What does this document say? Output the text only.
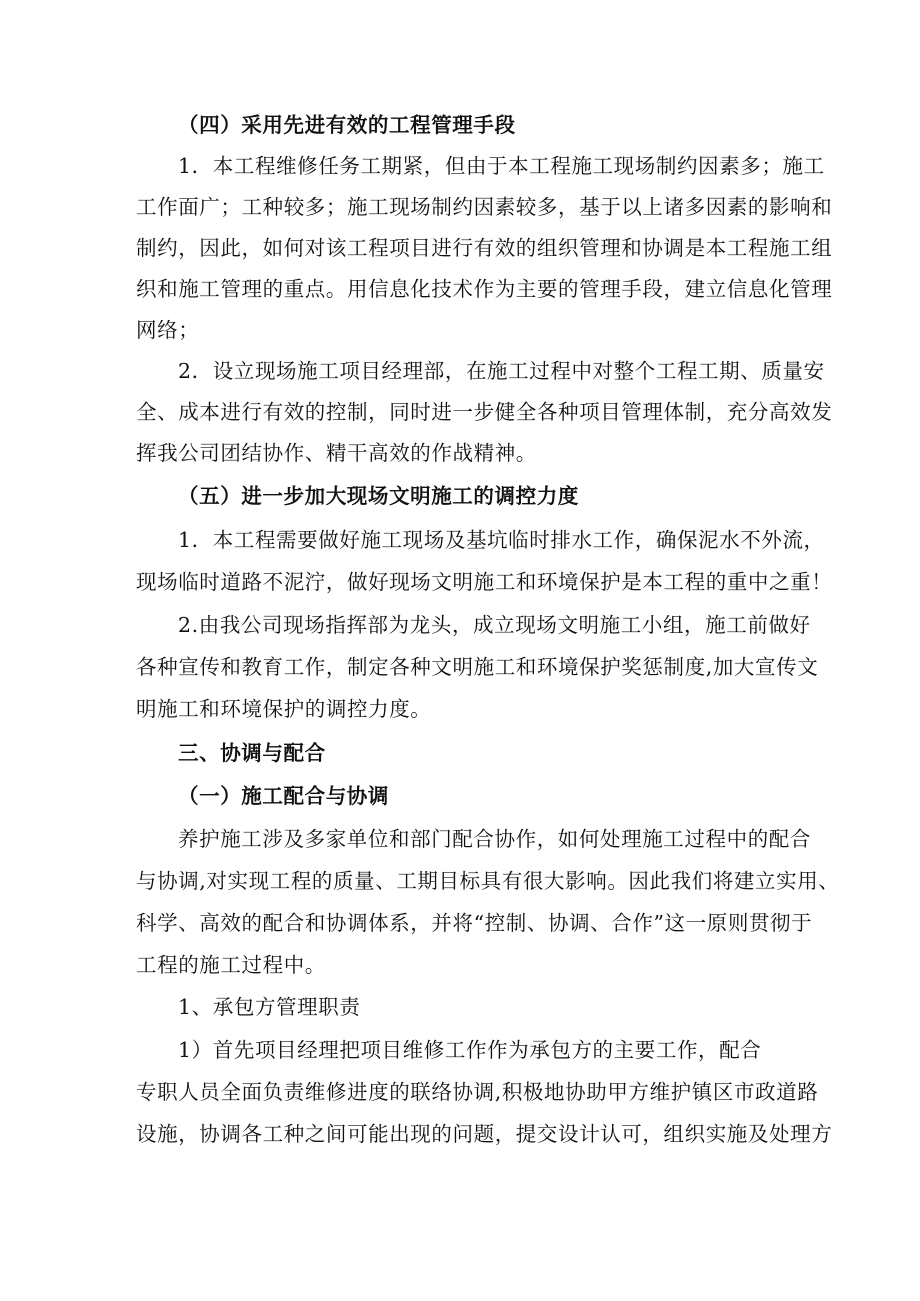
（四）采用先进有效的工程管理手段
1．本工程维修任务工期紧，但由于本工程施工现场制约因素多；施工
工作面广；工种较多；施工现场制约因素较多，基于以上诸多因素的影响和
制约，因此，如何对该工程项目进行有效的组织管理和协调是本工程施工组
织和施工管理的重点。用信息化技术作为主要的管理手段，建立信息化管理
网络；
2．设立现场施工项目经理部，在施工过程中对整个工程工期、质量安
全、成本进行有效的控制，同时进一步健全各种项目管理体制，充分高效发
挥我公司团结协作、精干高效的作战精神。
（五）进一步加大现场文明施工的调控力度
1．本工程需要做好施工现场及基坑临时排水工作，确保泥水不外流，
现场临时道路不泥泞，做好现场文明施工和环境保护是本工程的重中之重！
2.由我公司现场指挥部为龙头，成立现场文明施工小组，施工前做好
各种宣传和教育工作，制定各种文明施工和环境保护奖惩制度,加大宣传文
明施工和环境保护的调控力度。
三、协调与配合
（一）施工配合与协调
养护施工涉及多家单位和部门配合协作，如何处理施工过程中的配合
与协调,对实现工程的质量、工期目标具有很大影响。因此我们将建立实用、
科学、高效的配合和协调体系，并将“控制、协调、合作”这一原则贯彻于
工程的施工过程中。
1、承包方管理职责
1）首先项目经理把项目维修工作作为承包方的主要工作，配合
专职人员全面负责维修进度的联络协调,积极地协助甲方维护镇区市政道路
设施，协调各工种之间可能出现的问题，提交设计认可，组织实施及处理方
